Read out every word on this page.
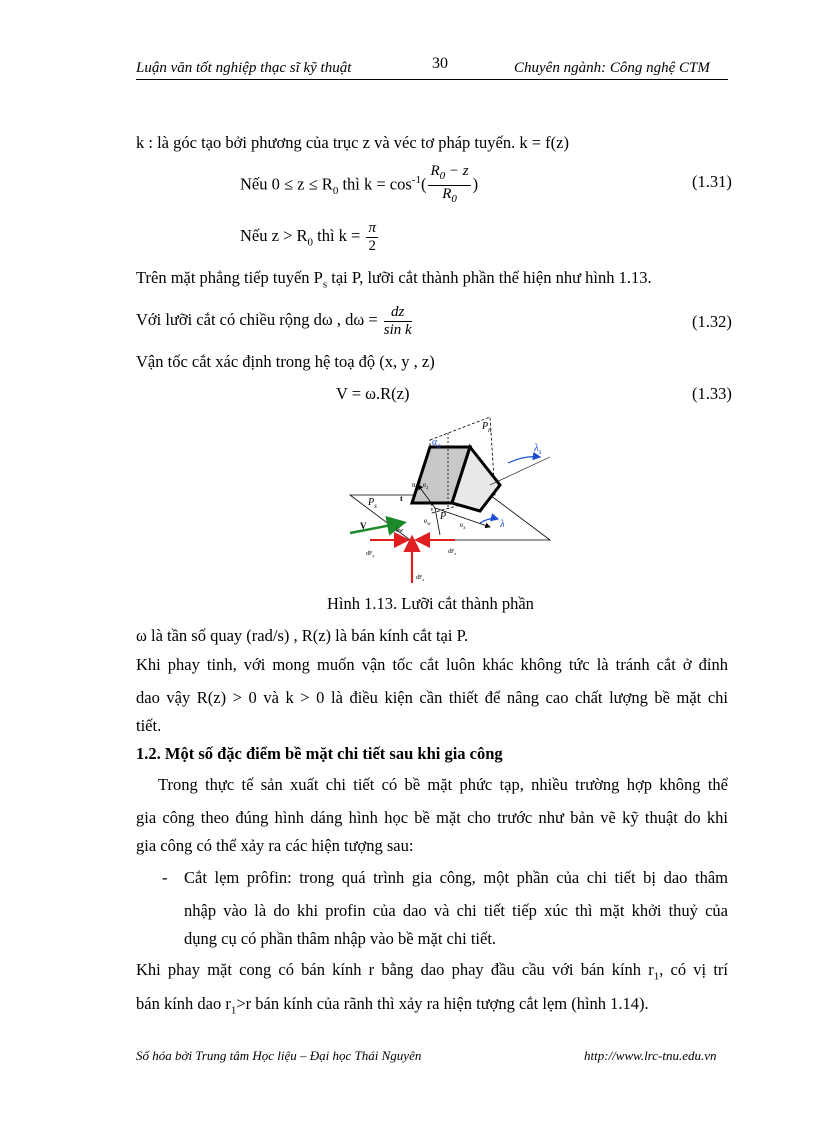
Luận văn tốt nghiệp thạc sĩ kỹ thuật	30	Chuyên ngành: Công nghệ CTM
k : là góc tạo bởi phương của trục z và véc tơ pháp tuyến. k = f(z)
Nếu $0 \le z \le R_0$ thì $k = \cos^{-1}( \frac{R_0 - z}{R_0}$ )	(1.31)
Nếu $z > R_0$ thì $k = \frac{\pi}{2}$
Trên mặt phẳng tiếp tuyến $P_s$ tại P, lưỡi cắt thành phần thể hiện như hình 1.13.
Với lưỡi cắt có chiều rộng dω , $d\omega = \frac{dz}{\text{sin k}}$	(1.32)
Vận tốc cắt xác định trong hệ toạ độ (x, y , z)
V = ω.R(z)	(1.33)
$P_n$
$\alpha_n$	$\lambda_s$
$n = e_z$
$P_s$
t
P
$e_w$	$e_x$	λ
V	dw
$dF_y$
$dF_x$
$dF_z$
Hình 1.13. Lưỡi cắt thành phần
ω là tần số quay (rad/s) , R(z) là bán kính cắt tại P.
Khi phay tinh, với mong muốn vận tốc cắt luôn khác không tức là tránh cắt ở đỉnh
dao vậy R(z) > 0 và k > 0 là điều kiện cần thiết để nâng cao chất lượng bề mặt chi
tiết.
1.2. Một số đặc điểm bề mặt chi tiết sau khi gia công
Trong thực tế sản xuất chi tiết có bề mặt phức tạp, nhiều trường hợp không thể
gia công theo đúng hình dáng hình học bề mặt cho trước như bản vẽ kỹ thuật do khi
gia công có thể xảy ra các hiện tượng sau:
- Cắt lẹm prôfin: trong quá trình gia công, một phần của chi tiết bị dao thâm
nhập vào là do khi profin của dao và chi tiết tiếp xúc thì mặt khởi thuỷ của
dụng cụ có phần thâm nhập vào bề mặt chi tiết.
Khi phay mặt cong có bán kính r bằng dao phay đầu cầu với bán kính $r_1$, có vị trí
bán kính dao $r_1>r$ bán kính của rãnh thì xảy ra hiện tượng cắt lẹm (hình 1.14).
Số hóa bởi Trung tâm Học liệu – Đại học Thái Nguyên	http://www.lrc-tnu.edu.vn
